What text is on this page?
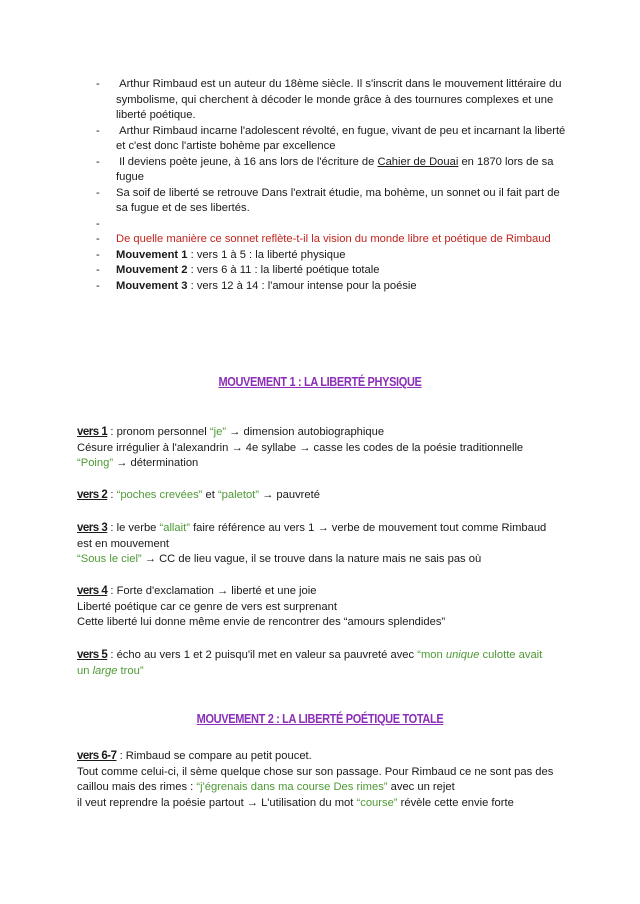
- Arthur Rimbaud est un auteur du 18ème siècle. Il s'inscrit dans le mouvement littéraire du symbolisme, qui cherchent à décoder le monde grâce à des tournures complexes et une liberté poétique.
- Arthur Rimbaud incarne l'adolescent révolté, en fugue, vivant de peu et incarnant la liberté et c'est donc l'artiste bohème par excellence
- Il deviens poète jeune, à 16 ans lors de l'écriture de Cahier de Douai en 1870 lors de sa fugue
- Sa soif de liberté se retrouve Dans l'extrait étudie, ma bohème, un sonnet ou il fait part de sa fugue et de ses libertés.
-
- De quelle manière ce sonnet reflète-t-il la vision du monde libre et poétique de Rimbaud
- Mouvement 1 : vers 1 à 5 : la liberté physique
- Mouvement 2 : vers 6 à 11 : la liberté poétique totale
- Mouvement 3 : vers 12 à 14 : l'amour intense pour la poésie
MOUVEMENT 1 : LA LIBERTÉ PHYSIQUE
vers 1 : pronom personnel “je” → dimension autobiographique
Césure irrégulier à l'alexandrin → 4e syllabe → casse les codes de la poésie traditionnelle
“Poing” → détermination
vers 2 : “poches crevées” et “paletot” → pauvreté
vers 3 : le verbe “allait” faire référence au vers 1 → verbe de mouvement tout comme Rimbaud est en mouvement
“Sous le ciel” → CC de lieu vague, il se trouve dans la nature mais ne sais pas où
vers 4 : Forte d'exclamation → liberté et une joie
Liberté poétique car ce genre de vers est surprenant
Cette liberté lui donne même envie de rencontrer des “amours splendides”
vers 5 : écho au vers 1 et 2 puisqu'il met en valeur sa pauvreté avec “mon unique culotte avait un large trou”
MOUVEMENT 2 : LA LIBERTÉ POÉTIQUE TOTALE
vers 6-7 : Rimbaud se compare au petit poucet.
Tout comme celui-ci, il sème quelque chose sur son passage. Pour Rimbaud ce ne sont pas des caillou mais des rimes : “j'égrenais dans ma course Des rimes” avec un rejet
il veut reprendre la poésie partout → L'utilisation du mot “course” révèle cette envie forte
